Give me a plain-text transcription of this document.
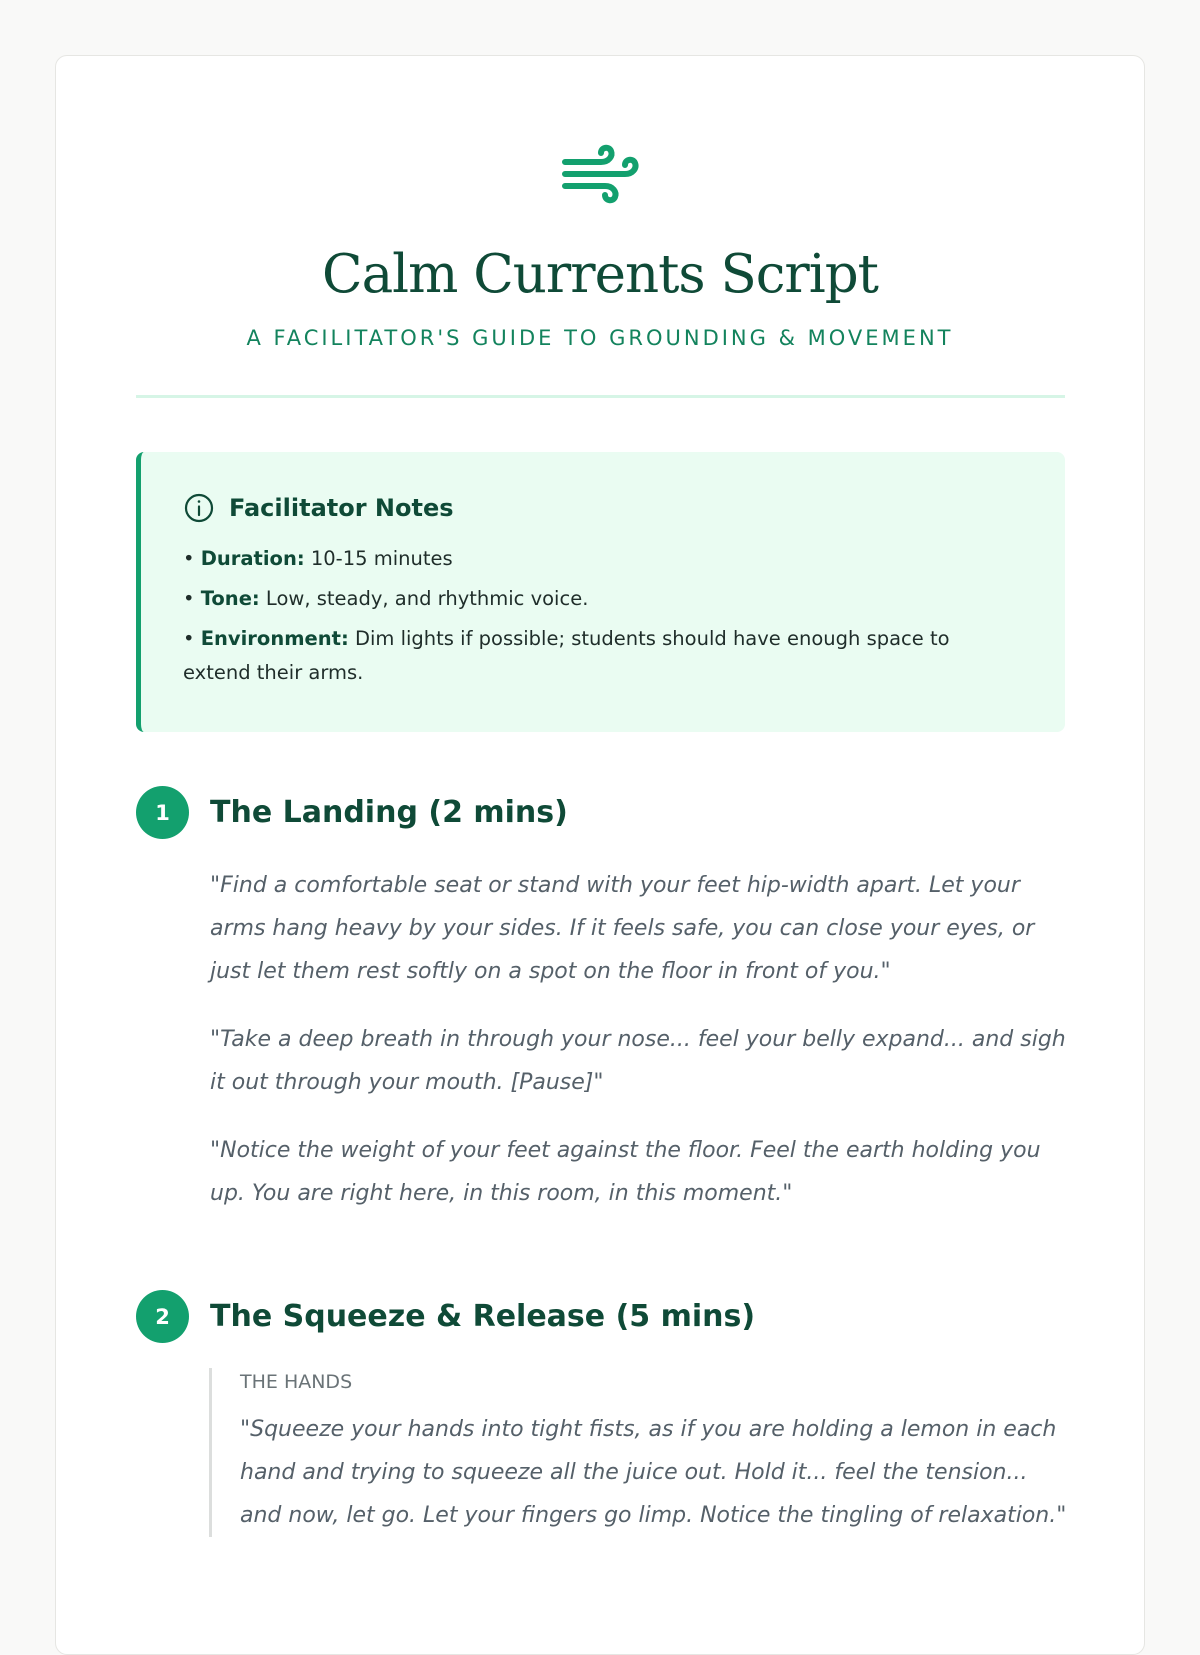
Calm Currents Script
A FACILITATOR'S GUIDE TO GROUNDING & MOVEMENT
Facilitator Notes

• Duration: 10-15 minutes

• Tone: Low, steady, and rhythmic voice.

• Environment: Dim lights if possible; students should have enough space to extend their arms.

1	The Landing (2 mins)

"Find a comfortable seat or stand with your feet hip-width apart. Let your arms hang heavy by your sides. If it feels safe, you can close your eyes, or just let them rest softly on a spot on the floor in front of you."

"Take a deep breath in through your nose... feel your belly expand... and sigh it out through your mouth. [Pause]"

"Notice the weight of your feet against the floor. Feel the earth holding you up. You are right here, in this room, in this moment."

2	The Squeeze & Release (5 mins)
THE HANDS

"Squeeze your hands into tight fists, as if you are holding a lemon in each hand and trying to squeeze all the juice out. Hold it... feel the tension... and now, let go. Let your fingers go limp. Notice the tingling of relaxation."
